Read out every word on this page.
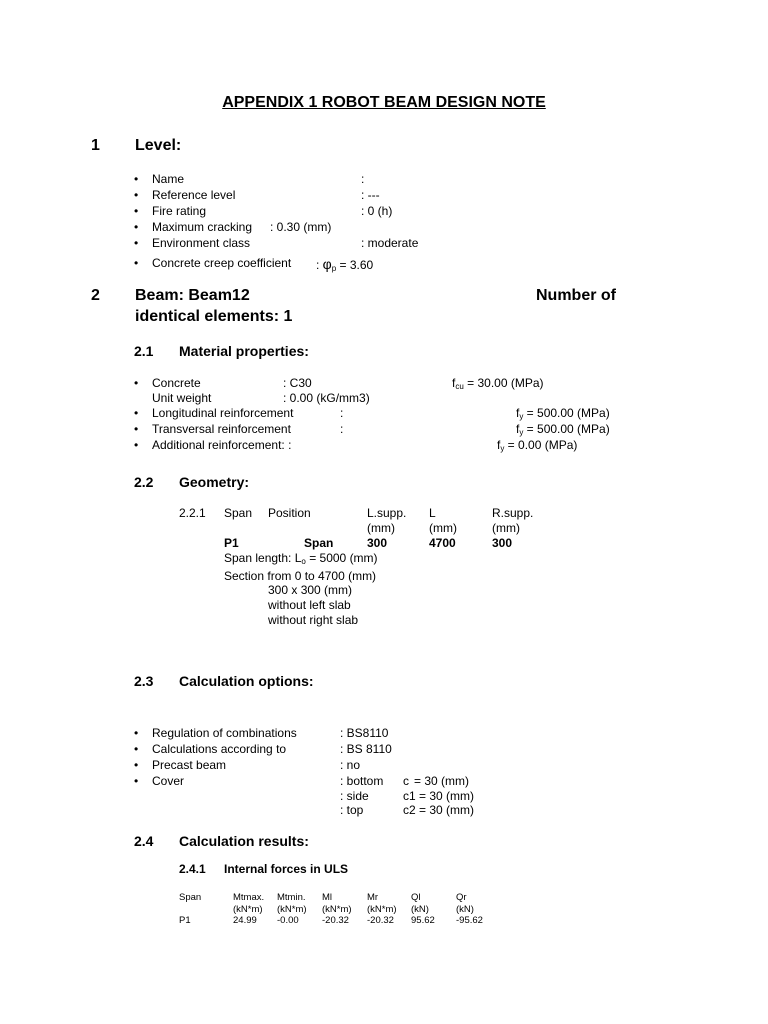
APPENDIX 1 ROBOT BEAM DESIGN NOTE
1 Level:
• Name	:
• Reference level	: ---
• Fire rating	: 0 (h)
• Maximum cracking : 0.30 (mm)
• Environment class	: moderate
• Concrete creep coefficient : $\varphi_p = 3.60$
2 Beam: Beam12	Number of
identical elements: 1
2.1 Material properties:
• Concrete	: C30	$f_{cu} = 30.00$ (MPa)
Unit weight	: 0.00 (kG/mm3)
• Longitudinal reinforcement	:	$f_y = 500.00$ (MPa)
• Transversal reinforcement	:	$f_y = 500.00$ (MPa)
• Additional reinforcement: :	$f_y = 0.00$ (MPa)
2.2 Geometry:
2.2.1 Span Position	L.supp. L	R.supp.
(mm)	(mm)	(mm)
P1	Span	300	4700	300
Span length: $L_o = 5000$ (mm)
Section from 0 to 4700 (mm)
300 x 300 (mm)
without left slab
without right slab
2.3 Calculation options:
• Regulation of combinations	: BS8110
• Calculations according to	: BS 8110
• Precast beam	: no
• Cover	: bottom c = 30 (mm)
: side	c1 = 30 (mm)
: top	c2 = 30 (mm)
2.4 Calculation results:
2.4.1 Internal forces in ULS
Span	Mtmax. Mtmin. Ml	Mr	Ql	Qr
(kN*m) (kN*m) (kN*m) (kN*m) (kN)	(kN)
P1	24.99 -0.00 -20.32 -20.32 95.62 -95.62
